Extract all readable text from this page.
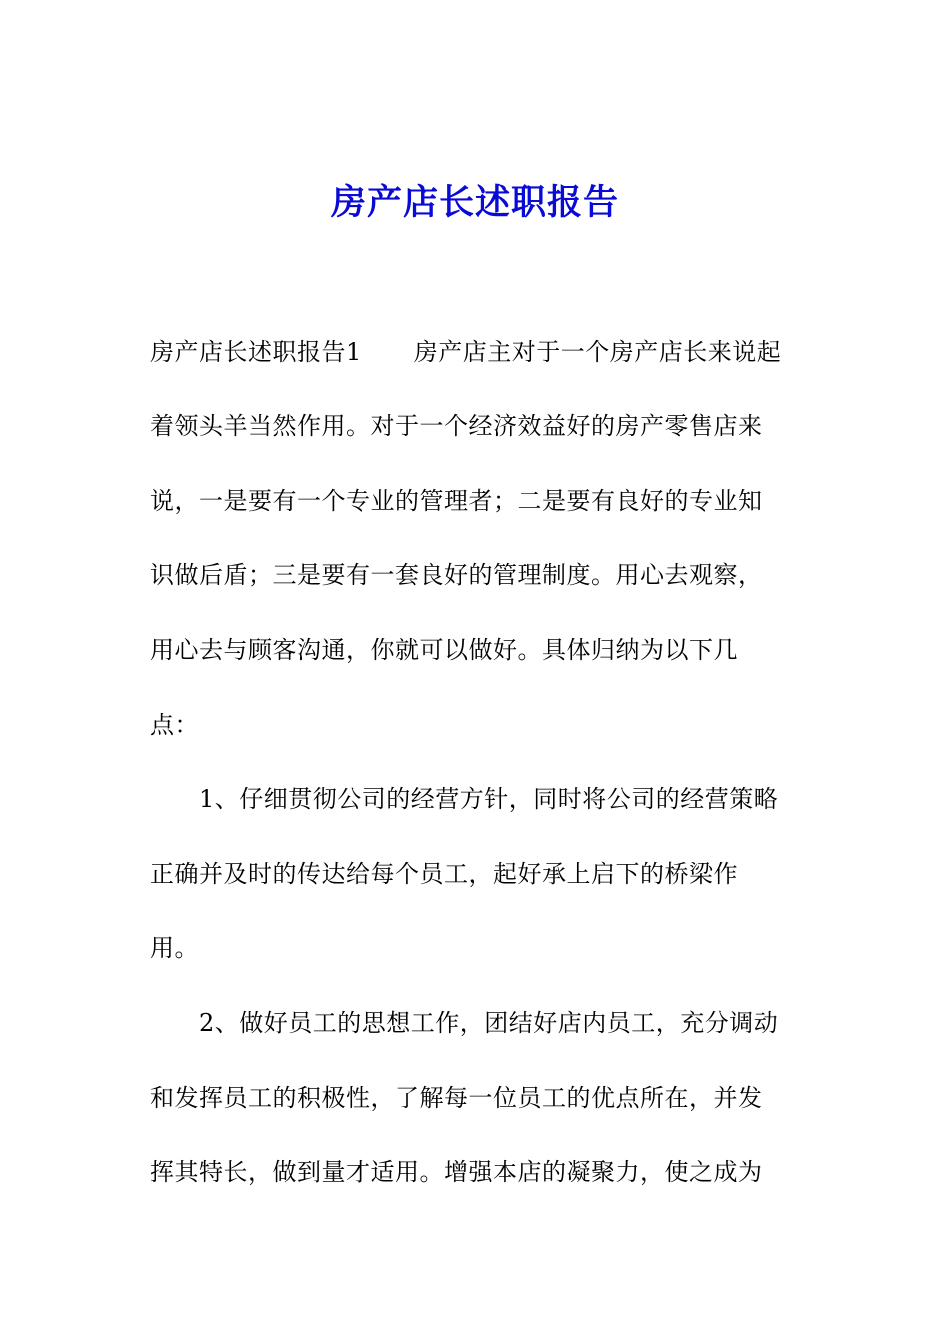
房产店长述职报告
房产店长述职报告1 房产店主对于一个房产店长来说起
着领头羊当然作用。对于一个经济效益好的房产零售店来
说，一是要有一个专业的管理者；二是要有良好的专业知
识做后盾；三是要有一套良好的管理制度。用心去观察，
用心去与顾客沟通，你就可以做好。具体归纳为以下几
点：
　　1、仔细贯彻公司的经营方针，同时将公司的经营策略
正确并及时的传达给每个员工，起好承上启下的桥梁作
用。
　　2、做好员工的思想工作，团结好店内员工，充分调动
和发挥员工的积极性，了解每一位员工的优点所在，并发
挥其特长，做到量才适用。增强本店的凝聚力，使之成为
